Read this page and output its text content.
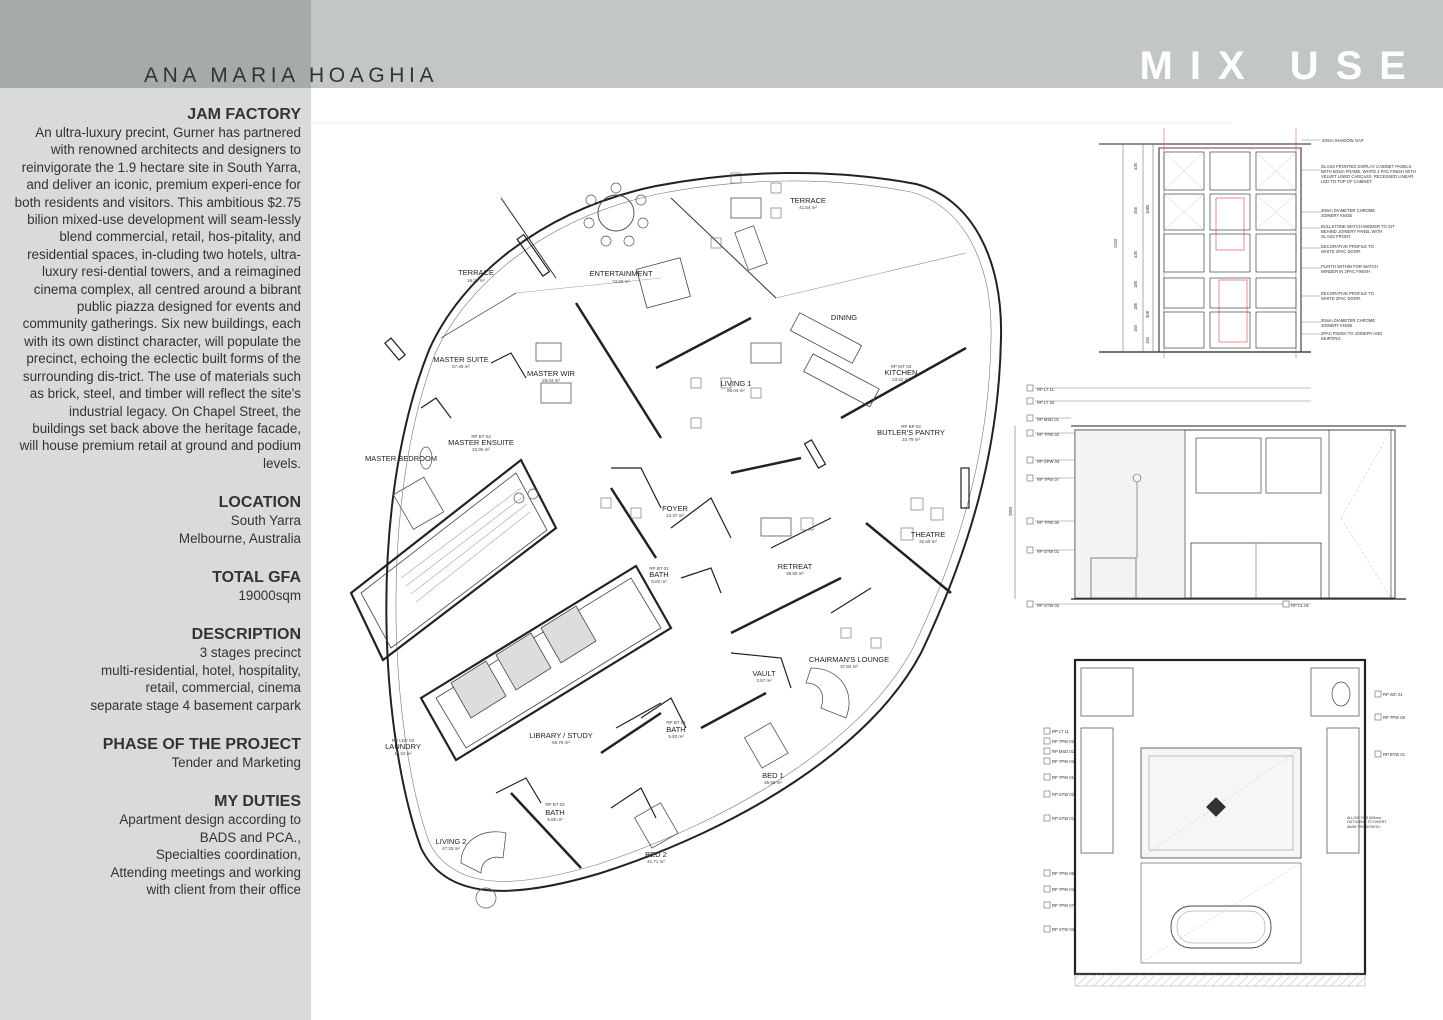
ANA MARIA HOAGHIA	MIX USE
JAM FACTORY
An ultra-luxury precint, Gurner has partnered with renowned architects and designers to reinvigorate the 1.9 hectare site in South Yarra, and deliver an iconic, premium experi-ence for both residents and visitors. This ambitious $2.75 bilion mixed-use development will seam-lessly blend commercial, retail, hos-pitality, and residential spaces, in-cluding two hotels, ultra-luxury resi-dential towers, and a reimagined cinema complex, all centred around a bibrant public piazza designed for events and community gatherings. Six new buildings, each with its own distinct character, will populate the precinct, echoing the eclectic built forms of the surrounding dis-trict. The use of materials such as brick, steel, and timber will reflect the site's industrial legacy. On Chapel Street, the buildings set back above the heritage facade, will house premium retail at ground and podium levels.
LOCATION
South Yarra
Melbourne, Australia
TOTAL GFA
19000sqm
DESCRIPTION
3 stages precinct
multi-residential, hotel, hospitality,
retail, commercial, cinema
separate stage 4 basement carpark
PHASE OF THE PROJECT
Tender and Marketing
MY DUTIES
Apartment design according to
BADS and PCA.,
Specialties coordination,
Attending meetings and working
with client from their office
TERRACE
16.28 m²
ENTERTAINMENT
74.50 m²
TERRACE
41.54 m²
DINING
MASTER SUITE
57.40 m²
MASTER WIR
28.04 m²	LIVING 1
96.04 m²
RP KIT 03
KITCHEN
23.52 m²
RP BT 03
MASTER ENSUITE
22.06 m²
RP BP 03
BUTLER'S PANTRY
23.79 m²
MASTER BEDROOM
FOYER
13.37 m²
THEATRE
32.60 m²
RP BT 01
BATH
6.83 m²
RETREAT
38.80 m²
CHAIRMAN'S LOUNGE
37.84 m²
VAULT
3.57 m²
RP LDY 03
LAUNDRY
11.34 m²
LIBRARY / STUDY
56.76 m²
RP BT 02
BATH
5.83 m²
BED 1
35.68 m²
RP BT 03
BATH
5.85 m²
BED 2
41.71 m²
LIVING 2
47.25 m²
2400
435
465
435
185
185
160
1080
308
160
20mm SHADOW GAP
GLASS FRONTED DISPLAY CABINET PANELS WITH 50mm FRAME, WHITE 2 PAC FINISH WITH VELVET LINED CARCASS, RECESSED LINEAR LED TO TOP OF CABINET.
30mm DIAMETER CHROME JOINERY KNOB
BULLSTONE WATCH WINDER TO SIT BEHIND JOINERY PANEL WITH GLASS FRONT.
DECORATIVE PROFILE TO WHITE 2PAC DOOR.
PLINTH WITHIN FOR WATCH WINDER IN 2PAC FINISH
DECORATIVE PROFILE TO WHITE 2PAC DOOR.
30mm DIAMETER CHROME JOINERY KNOB
2PAC FINISH TO JOINERY AND SKIRTING
RP LT 11
RP LT 03
RP MSD 01
RP TPW 02
RP SPW 03
RP TPW 07
RP TPW 05
RP STW 01
RP STW 02	RP CL 01
2800
RP LT 11
RP TPW 02
RP MSD 01
RP TPW 03
RP TPW 01
RP STW 02
RP STW 01
RP TPW 08
RP TPW 04
RP TPW 07
RP STW 03
RP WC 01
RP TPW 05
RP BTW 01
ALLOW FOR 600mm OUTGOING TO DIVERT AWAY FROM PATIO
